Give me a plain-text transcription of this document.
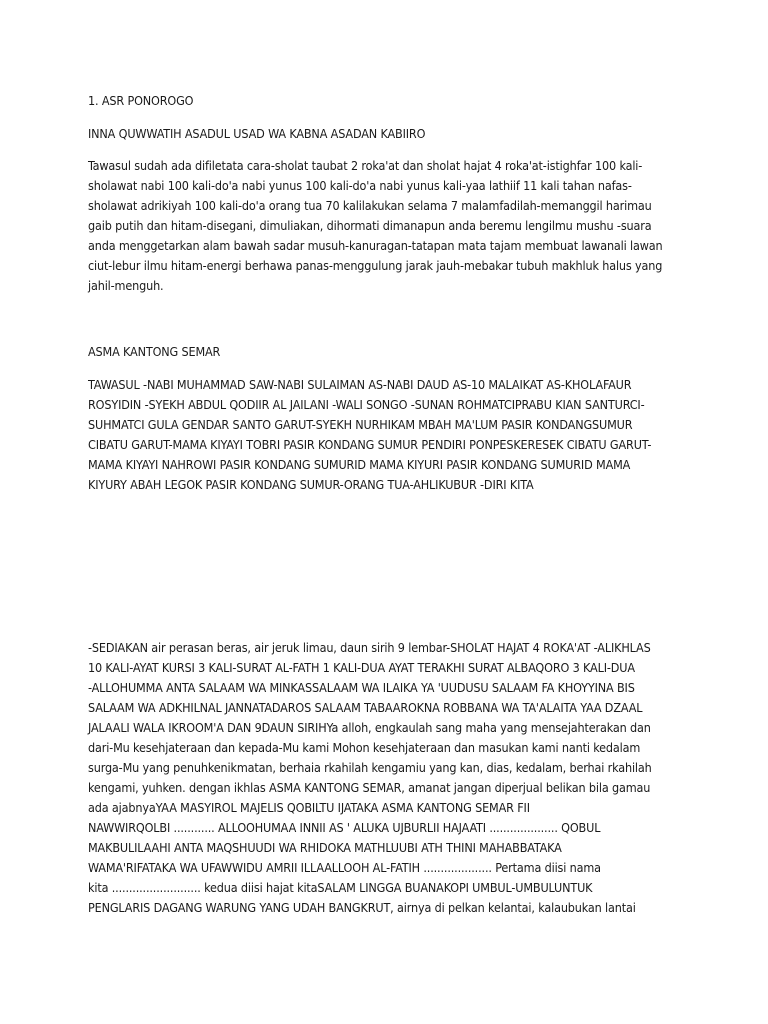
1. ASR PONOROGO

INNA QUWWATIH ASADUL USAD WA KABNA ASADAN KABIIRO

Tawasul sudah ada difiletata cara-sholat taubat 2 roka'at dan sholat hajat 4 roka'at-istighfar 100 kali-
sholawat nabi 100 kali-do'a nabi yunus 100 kali-do'a nabi yunus kali-yaa lathiif 11 kali tahan nafas-
sholawat adrikiyah 100 kali-do'a orang tua 70 kalilakukan selama 7 malamfadilah-memanggil harimau
gaib putih dan hitam-disegani, dimuliakan, dihormati dimanapun anda beremu lengilmu mushu -suara
anda menggetarkan alam bawah sadar musuh-kanuragan-tatapan mata tajam membuat lawanali lawan
ciut-lebur ilmu hitam-energi berhawa panas-menggulung jarak jauh-mebakar tubuh makhluk halus yang
jahil-menguh.

ASMA KANTONG SEMAR

TAWASUL -NABI MUHAMMAD SAW-NABI SULAIMAN AS-NABI DAUD AS-10 MALAIKAT AS-KHOLAFAUR
ROSYIDIN -SYEKH ABDUL QODIIR AL JAILANI -WALI SONGO -SUNAN ROHMATCIPRABU KIAN SANTURCI-
SUHMATCI GULA GENDAR SANTO GARUT-SYEKH NURHIKAM MBAH MA'LUM PASIR KONDANGSUMUR
CIBATU GARUT-MAMA KIYAYI TOBRI PASIR KONDANG SUMUR PENDIRI PONPESKERESEK CIBATU GARUT-
MAMA KIYAYI NAHROWI PASIR KONDANG SUMURID MAMA KIYURI PASIR KONDANG SUMURID MAMA
KIYURY ABAH LEGOK PASIR KONDANG SUMUR-ORANG TUA-AHLIKUBUR -DIRI KITA

-SEDIAKAN air perasan beras, air jeruk limau, daun sirih 9 lembar-SHOLAT HAJAT 4 ROKA'AT -ALIKHLAS
10 KALI-AYAT KURSI 3 KALI-SURAT AL-FATH 1 KALI-DUA AYAT TERAKHI SURAT ALBAQORO 3 KALI-DUA
-ALLOHUMMA ANTA SALAAM WA MINKASSALAAM WA ILAIKA YA 'UUDUSU SALAAM FA KHOYYINA BIS
SALAAM WA ADKHILNAL JANNATADAROS SALAAM TABAAROKNA ROBBANA WA TA'ALAITA YAA DZAAL
JALAALI WALA IKROOM'A DAN 9DAUN SIRIHYa alloh, engkaulah sang maha yang mensejahterakan dan
dari-Mu kesehjateraan dan kepada-Mu kami Mohon kesehjateraan dan masukan kami nanti kedalam
surga-Mu yang penuhkenikmatan, berhaia rkahilah kengamiu yang kan, dias, kedalam, berhai rkahilah
kengami, yuhken. dengan ikhlas ASMA KANTONG SEMAR, amanat jangan diperjual belikan bila gamau
ada ajabnyaYAA MASYIROL MAJELIS QOBILTU IJATAKA ASMA KANTONG SEMAR FII
NAWWIRQOLBI ............ ALLOOHUMAA INNII AS ' ALUKA UJBURLII HAJAATI .................... QOBUL
MAKBULILAAHI ANTA MAQSHUUDI WA RHIDOKA MATHLUUBI ATH THINI MAHABBATAKA
WAMA'RIFATAKA WA UFAWWIDU AMRII ILLAALLOOH AL-FATIH .................... Pertama diisi nama
kita .......................... kedua diisi hajat kitaSALAM LINGGA BUANAKOPI UMBUL-UMBULUNTUK
PENGLARIS DAGANG WARUNG YANG UDAH BANGKRUT, airnya di pelkan kelantai, kalaubukan lantai
